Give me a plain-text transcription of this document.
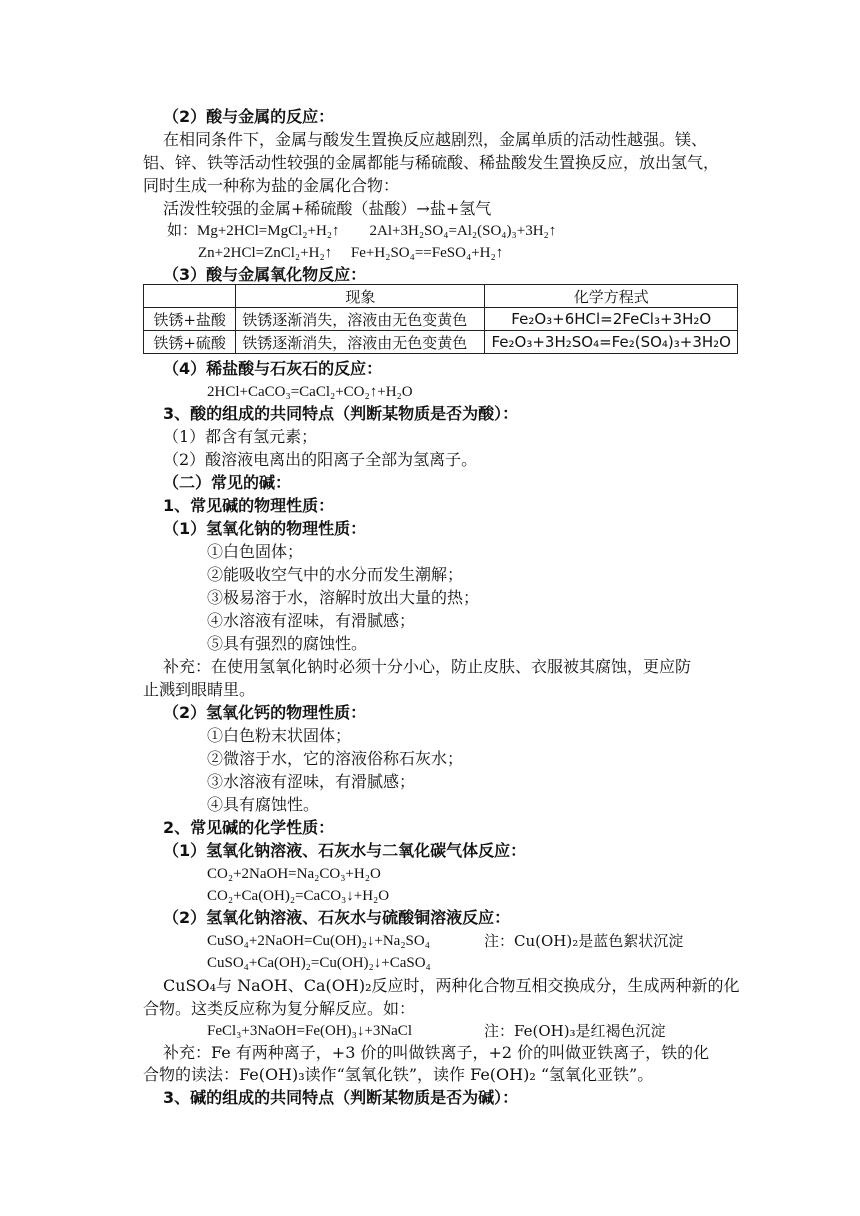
（2）酸与金属的反应：
在相同条件下，金属与酸发生置换反应越剧烈，金属单质的活动性越强。镁、
铝、锌、铁等活动性较强的金属都能与稀硫酸、稀盐酸发生置换反应，放出氢气，
同时生成一种称为盐的金属化合物：
活泼性较强的金属+稀硫酸（盐酸）→盐+氢气
如：Mg+2HCl=MgCl₂+H₂↑　　2Al+3H₂SO₄=Al₂(SO₄)₃+3H₂↑
Zn+2HCl=ZnCl₂+H₂↑　 Fe+H₂SO₄==FeSO₄+H₂↑
（3）酸与金属氧化物反应：
（4）稀盐酸与石灰石的反应：
2HCl+CaCO₃=CaCl₂+CO₂↑+H₂O
3、酸的组成的共同特点（判断某物质是否为酸）：
（1）都含有氢元素；
（2）酸溶液电离出的阳离子全部为氢离子。
（二）常见的碱：
1、常见碱的物理性质：
（1）氢氧化钠的物理性质：
①白色固体；
②能吸收空气中的水分而发生潮解；
③极易溶于水，溶解时放出大量的热；
④水溶液有涩味，有滑腻感；
⑤具有强烈的腐蚀性。
补充：在使用氢氧化钠时必须十分小心，防止皮肤、衣服被其腐蚀，更应防
止溅到眼睛里。
（2）氢氧化钙的物理性质：
①白色粉末状固体；
②微溶于水，它的溶液俗称石灰水；
③水溶液有涩味，有滑腻感；
④具有腐蚀性。
2、常见碱的化学性质：
（1）氢氧化钠溶液、石灰水与二氧化碳气体反应：
CO₂+2NaOH=Na₂CO₃+H₂O
CO₂+Ca(OH)₂=CaCO₃↓+H₂O
（2）氢氧化钠溶液、石灰水与硫酸铜溶液反应：
CuSO₄+2NaOH=Cu(OH)₂↓+Na₂SO₄
CuSO₄+Ca(OH)₂=Cu(OH)₂↓+CaSO₄
CuSO₄与 NaOH、Ca(OH)₂反应时，两种化合物互相交换成分，生成两种新的化
合物。这类反应称为复分解反应。如：
FeCl₃+3NaOH=Fe(OH)₃↓+3NaCl
补充：Fe 有两种离子，+3 价的叫做铁离子，+2 价的叫做亚铁离子，铁的化
合物的读法：Fe(OH)₃读作“氢氧化铁”，读作 Fe(OH)₂ “氢氧化亚铁”。
3、碱的组成的共同特点（判断某物质是否为碱）：
	现象	化学方程式
铁锈+盐酸	铁锈逐渐消失，溶液由无色变黄色	Fe₂O₃+6HCl=2FeCl₃+3H₂O
铁锈+硫酸	铁锈逐渐消失，溶液由无色变黄色	Fe₂O₃+3H₂SO₄=Fe₂(SO₄)₃+3H₂O
注：Cu(OH)₂是蓝色絮状沉淀
注：Fe(OH)₃是红褐色沉淀
